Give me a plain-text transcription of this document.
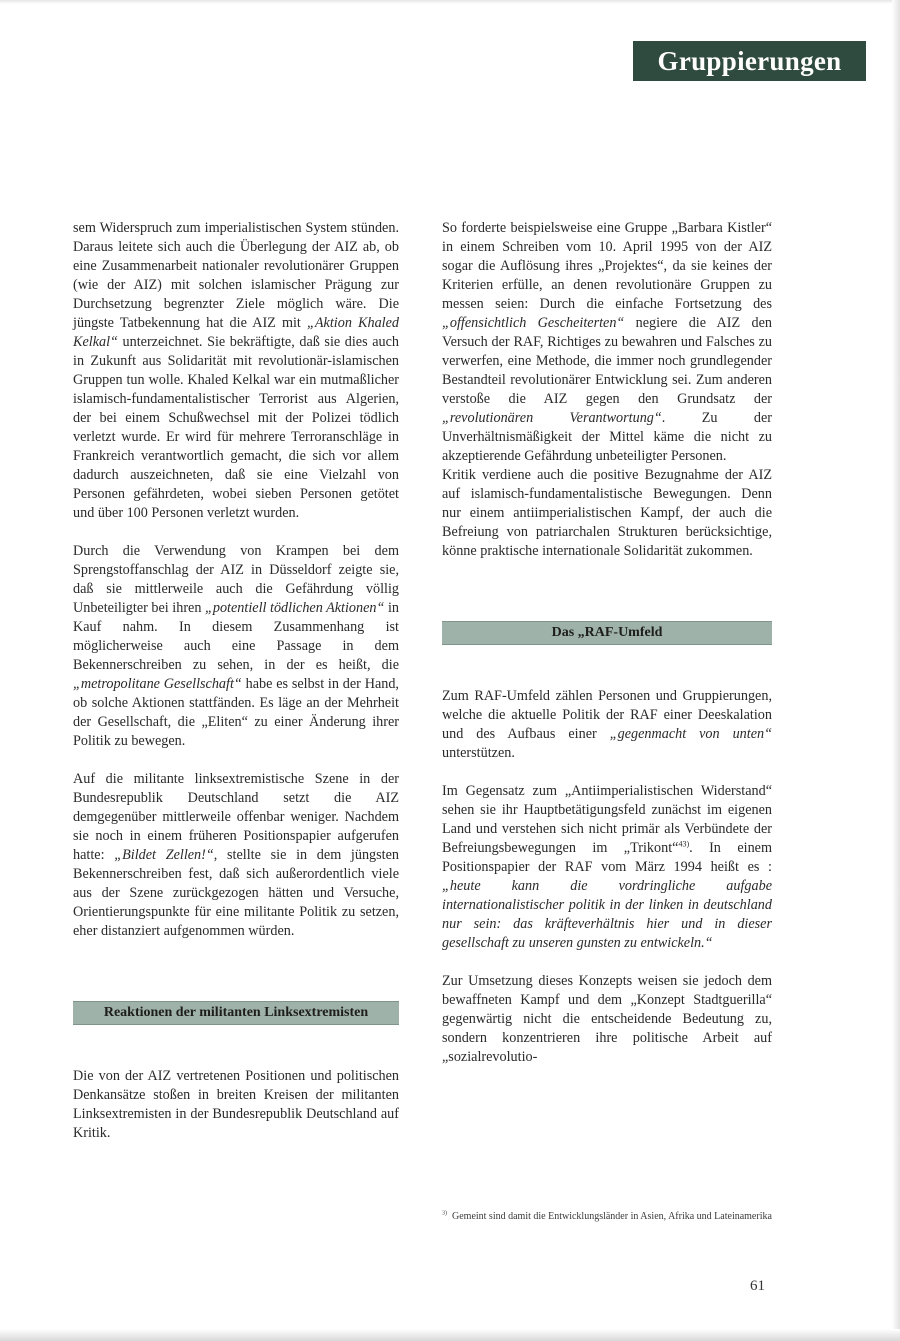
Gruppierungen

sem Widerspruch zum imperialistischen System stünden. Daraus leitete sich auch die Überlegung der AIZ ab, ob eine Zusammenarbeit nationaler revolutionärer Gruppen (wie der AIZ) mit solchen islamischer Prägung zur Durchsetzung begrenzter Ziele möglich wäre. Die jüngste Tatbekennung hat die AIZ mit „Aktion Khaled Kelkal“ unterzeichnet. Sie bekräftigte, daß sie dies auch in Zukunft aus Solidarität mit revolutionär-islamischen Gruppen tun wolle. Khaled Kelkal war ein mutmaßlicher islamisch-fundamentalistischer Terrorist aus Algerien, der bei einem Schußwechsel mit der Polizei tödlich verletzt wurde. Er wird für mehrere Terroranschläge in Frankreich verantwortlich gemacht, die sich vor allem dadurch auszeichneten, daß sie eine Vielzahl von Personen gefährdeten, wobei sieben Personen getötet und über 100 Personen verletzt wurden.

Durch die Verwendung von Krampen bei dem Sprengstoffanschlag der AIZ in Düsseldorf zeigte sie, daß sie mittlerweile auch die Gefährdung völlig Unbeteiligter bei ihren „potentiell tödlichen Aktionen“ in Kauf nahm. In diesem Zusammenhang ist möglicherweise auch eine Passage in dem Bekennerschreiben zu sehen, in der es heißt, die „metropolitane Gesellschaft“ habe es selbst in der Hand, ob solche Aktionen stattfänden. Es läge an der Mehrheit der Gesellschaft, die „Eliten“ zu einer Änderung ihrer Politik zu bewegen.

Auf die militante linksextremistische Szene in der Bundesrepublik Deutschland setzt die AIZ demgegenüber mittlerweile offenbar weniger. Nachdem sie noch in einem früheren Positionspapier aufgerufen hatte: „Bildet Zellen!“, stellte sie in dem jüngsten Bekennerschreiben fest, daß sich außerordentlich viele aus der Szene zurückgezogen hätten und Versuche, Orientierungspunkte für eine militante Politik zu setzen, eher distanziert aufgenommen würden.

Reaktionen der militanten Linksextremisten

Die von der AIZ vertretenen Positionen und politischen Denkansätze stoßen in breiten Kreisen der militanten Linksextremisten in der Bundesrepublik Deutschland auf Kritik.

So forderte beispielsweise eine Gruppe „Barbara Kistler“ in einem Schreiben vom 10. April 1995 von der AIZ sogar die Auflösung ihres „Projektes“, da sie keines der Kriterien erfülle, an denen revolutionäre Gruppen zu messen seien: Durch die einfache Fortsetzung des „offensichtlich Gescheiterten“ negiere die AIZ den Versuch der RAF, Richtiges zu bewahren und Falsches zu verwerfen, eine Methode, die immer noch grundlegender Bestandteil revolutionärer Entwicklung sei. Zum anderen verstoße die AIZ gegen den Grundsatz der „revolutionären Verantwortung“. Zu der Unverhältnismäßigkeit der Mittel käme die nicht zu akzeptierende Gefährdung unbeteiligter Personen.

Kritik verdiene auch die positive Bezugnahme der AIZ auf islamisch-fundamentalistische Bewegungen. Denn nur einem antiimperialistischen Kampf, der auch die Befreiung von patriarchalen Strukturen berücksichtige, könne praktische internationale Solidarität zukommen.

Das „RAF-Umfeld

Zum RAF-Umfeld zählen Personen und Gruppierungen, welche die aktuelle Politik der RAF einer Deeskalation und des Aufbaus einer „gegenmacht von unten“ unterstützen.

Im Gegensatz zum „Antiimperialistischen Widerstand“ sehen sie ihr Hauptbetätigungsfeld zunächst im eigenen Land und verstehen sich nicht primär als Verbündete der Befreiungsbewegungen im „Trikont“$^{43)}$. In einem Positionspapier der RAF vom März 1994 heißt es : „heute kann die vordringliche aufgabe internationalistischer politik in der linken in deutschland nur sein: das kräfteverhältnis hier und in dieser gesellschaft zu unseren gunsten zu entwickeln.“

Zur Umsetzung dieses Konzepts weisen sie jedoch dem bewaffneten Kampf und dem „Konzept Stadtguerilla“ gegenwärtig nicht die entscheidende Bedeutung zu, sondern konzentrieren ihre politische Arbeit auf „sozialrevolutio-

$^{3)}$ Gemeint sind damit die Entwicklungsländer in Asien, Afrika und Lateinamerika
61
